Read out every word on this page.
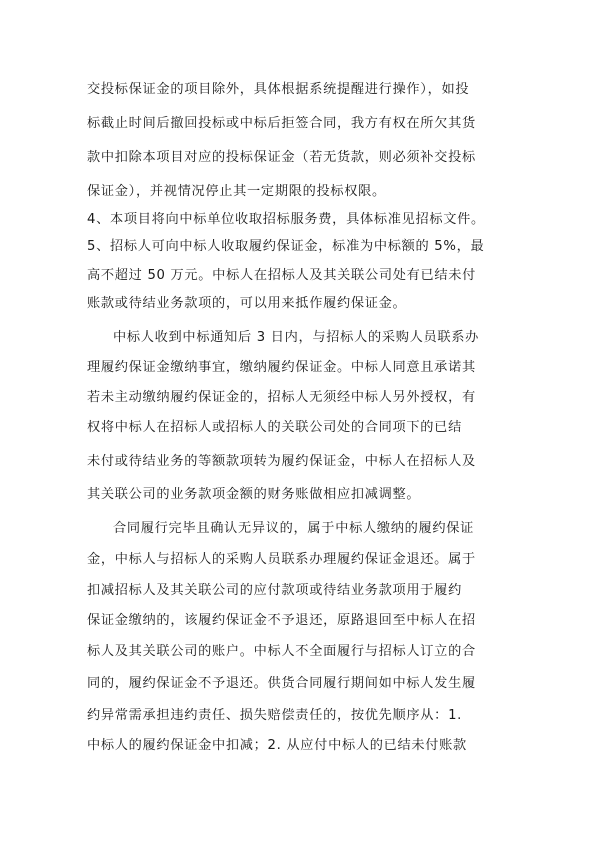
交投标保证金的项目除外，具体根据系统提醒进行操作），如投
标截止时间后撤回投标或中标后拒签合同，我方有权在所欠其货
款中扣除本项目对应的投标保证金（若无货款，则必须补交投标
保证金），并视情况停止其一定期限的投标权限。
4、本项目将向中标单位收取招标服务费，具体标准见招标文件。
5、招标人可向中标人收取履约保证金，标准为中标额的 5%，最
高不超过 50 万元。中标人在招标人及其关联公司处有已结未付
账款或待结业务款项的，可以用来抵作履约保证金。
中标人收到中标通知后 3 日内，与招标人的采购人员联系办
理履约保证金缴纳事宜，缴纳履约保证金。中标人同意且承诺其
若未主动缴纳履约保证金的，招标人无须经中标人另外授权，有
权将中标人在招标人或招标人的关联公司处的合同项下的已结
未付或待结业务的等额款项转为履约保证金，中标人在招标人及
其关联公司的业务款项金额的财务账做相应扣减调整。
合同履行完毕且确认无异议的，属于中标人缴纳的履约保证
金，中标人与招标人的采购人员联系办理履约保证金退还。属于
扣减招标人及其关联公司的应付款项或待结业务款项用于履约
保证金缴纳的，该履约保证金不予退还，原路退回至中标人在招
标人及其关联公司的账户。中标人不全面履行与招标人订立的合
同的，履约保证金不予退还。供货合同履行期间如中标人发生履
约异常需承担违约责任、损失赔偿责任的，按优先顺序从：1.
中标人的履约保证金中扣减；2. 从应付中标人的已结未付账款
